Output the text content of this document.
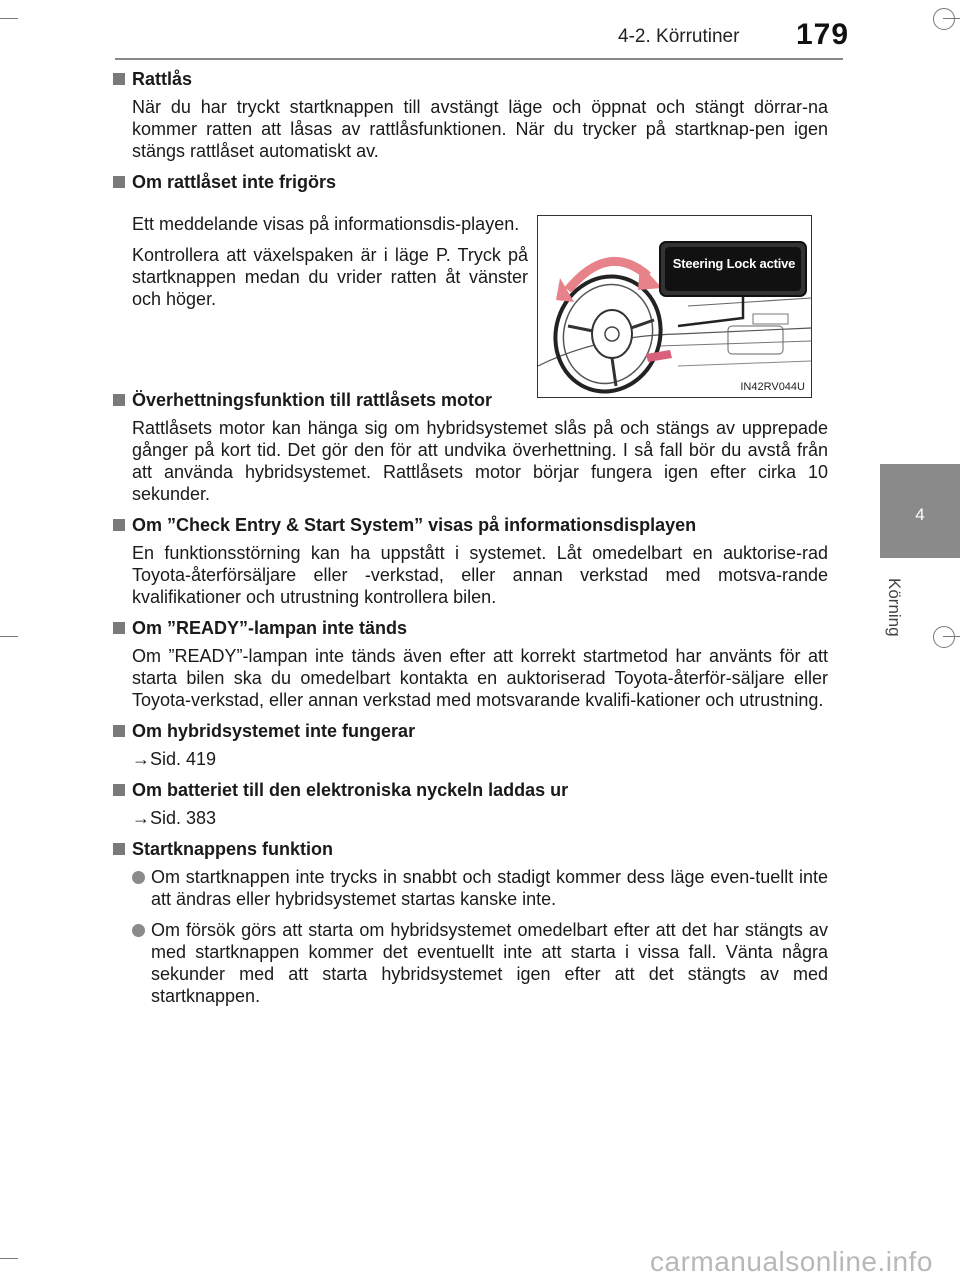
4-2. Körrutiner 179
4
Körning
Rattlås
När du har tryckt startknappen till avstängt läge och öppnat och stängt dörrar-na kommer ratten att låsas av rattlåsfunktionen. När du trycker på startknap-pen igen stängs rattlåset automatiskt av.
Om rattlåset inte frigörs
Ett meddelande visas på informationsdis-playen.
Kontrollera att växelspaken är i läge P. Tryck på startknappen medan du vrider ratten åt vänster och höger.
Överhettningsfunktion till rattlåsets motor
Rattlåsets motor kan hänga sig om hybridsystemet slås på och stängs av upprepade gånger på kort tid. Det gör den för att undvika överhettning. I så fall bör du avstå från att använda hybridsystemet. Rattlåsets motor börjar fungera igen efter cirka 10 sekunder.
Om ”Check Entry & Start System” visas på informationsdisplayen
En funktionsstörning kan ha uppstått i systemet. Låt omedelbart en auktorise-rad Toyota-återförsäljare eller -verkstad, eller annan verkstad med motsva-rande kvalifikationer och utrustning kontrollera bilen.
Om ”READY”-lampan inte tänds
Om ”READY”-lampan inte tänds även efter att korrekt startmetod har använts för att starta bilen ska du omedelbart kontakta en auktoriserad Toyota-återför-säljare eller Toyota-verkstad, eller annan verkstad med motsvarande kvalifi-kationer och utrustning.
Om hybridsystemet inte fungerar
→Sid. 419
Om batteriet till den elektroniska nyckeln laddas ur
→Sid. 383
Startknappens funktion
Om startknappen inte trycks in snabbt och stadigt kommer dess läge even-tuellt inte att ändras eller hybridsystemet startas kanske inte.
Om försök görs att starta om hybridsystemet omedelbart efter att det har stängts av med startknappen kommer det eventuellt inte att starta i vissa fall. Vänta några sekunder med att starta hybridsystemet igen efter att det stängts av med startknappen.
Steering Lock active
IN42RV044U
carmanualsonline.info
